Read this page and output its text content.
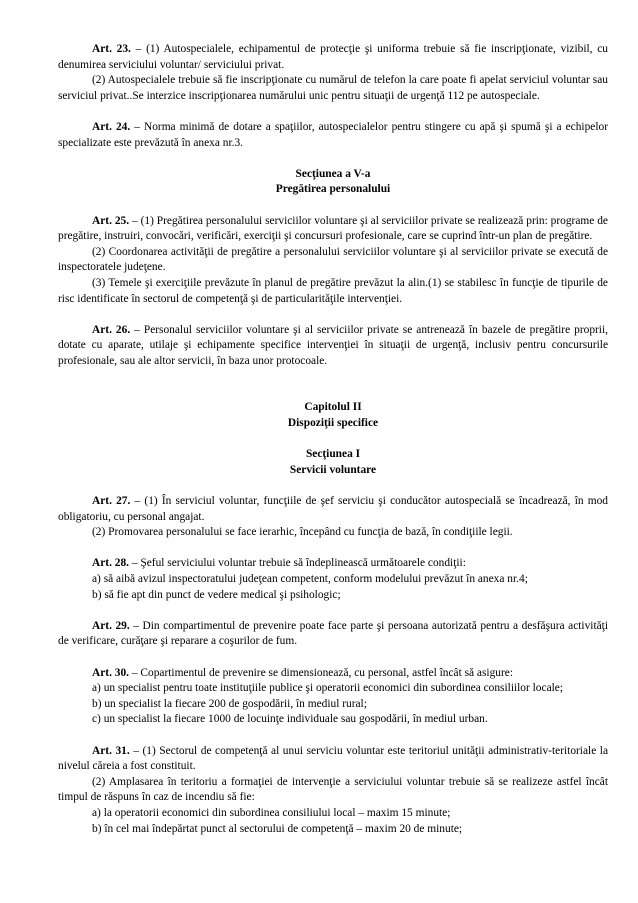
Art. 23. – (1) Autospecialele, echipamentul de protecţie şi uniforma trebuie să fie inscripţionate, vizibil, cu denumirea serviciului voluntar/ serviciului privat.

(2) Autospecialele trebuie să fie inscripţionate cu numărul de telefon la care poate fi apelat serviciul voluntar sau serviciul privat..Se interzice inscripţionarea numărului unic pentru situaţii de urgenţă 112 pe autospeciale.

Art. 24. – Norma minimă de dotare a spaţiilor, autospecialelor pentru stingere cu apă şi spumă şi a echipelor specializate este prevăzută în anexa nr.3.

Secţiunea a V-a

Pregătirea personalului

Art. 25. – (1) Pregătirea personalului serviciilor voluntare şi al serviciilor private se realizează prin: programe de pregătire, instruiri, convocări, verificări, exerciţii şi concursuri profesionale, care se cuprind într-un plan de pregătire.

(2) Coordonarea activităţii de pregătire a personalului serviciilor voluntare şi al serviciilor private se execută de inspectoratele judeţene.

(3) Temele şi exerciţiile prevăzute în planul de pregătire prevăzut la alin.(1) se stabilesc în funcţie de tipurile de risc identificate în sectorul de competenţă şi de particularităţile intervenţiei.

Art. 26. – Personalul serviciilor voluntare şi al serviciilor private se antrenează în bazele de pregătire proprii, dotate cu aparate, utilaje şi echipamente specifice intervenţiei în situaţii de urgenţă, inclusiv pentru concursurile profesionale, sau ale altor servicii, în baza unor protocoale.

Capitolul II

Dispoziţii specifice

Secţiunea I

Servicii voluntare

Art. 27. – (1) În serviciul voluntar, funcţiile de şef serviciu şi conducător autospecială se încadrează, în mod obligatoriu, cu personal angajat.

(2) Promovarea personalului se face ierarhic, începând cu funcţia de bază, în condiţiile legii.

Art. 28. – Şeful serviciului voluntar trebuie să îndeplinească următoarele condiţii:

a) să aibă avizul inspectoratului judeţean competent, conform modelului prevăzut în anexa nr.4;

b) să fie apt din punct de vedere medical şi psihologic;

Art. 29. – Din compartimentul de prevenire poate face parte şi persoana autorizată pentru a desfăşura activităţi de verificare, curăţare şi reparare a coşurilor de fum.

Art. 30. – Copartimentul de prevenire se dimensionează, cu personal, astfel încât să asigure:

a) un specialist pentru toate instituţiile publice şi operatorii economici din subordinea consiliilor locale;

b) un specialist la fiecare 200 de gospodării, în mediul rural;

c) un specialist la fiecare 1000 de locuinţe individuale sau gospodării, în mediul urban.

Art. 31. – (1) Sectorul de competenţă al unui serviciu voluntar este teritoriul unităţii administrativ-teritoriale la nivelul căreia a fost constituit.

(2) Amplasarea în teritoriu a formaţiei de intervenţie a serviciului voluntar trebuie să se realizeze astfel încât timpul de răspuns în caz de incendiu să fie:

a) la operatorii economici din subordinea consiliului local – maxim 15 minute;

b) în cel mai îndepărtat punct al sectorului de competenţă – maxim 20 de minute;
